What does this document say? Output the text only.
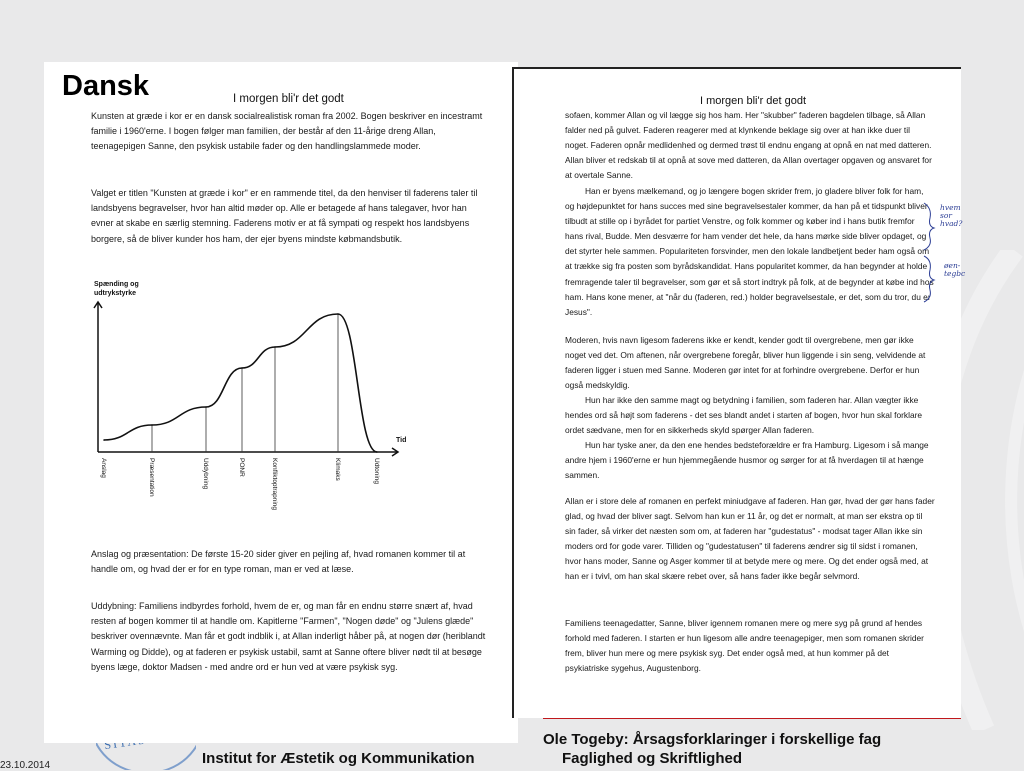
23.10.2014	Institut for Æstetik og Kommunikation
Ole Togeby: Årsagsforklaringer i forskellige fag
Faglighed og Skriftlighed
Dansk	I morgen bli'r det godt
Kunsten at græde i kor er en dansk socialrealistisk roman fra 2002. Bogen beskriver en incestramt familie i 1960'erne. I bogen følger man familien, der består af den 11-årige dreng Allan, teenagepigen Sanne, den psykisk ustabile fader og den handlingslammede moder.
Valget er titlen "Kunsten at græde i kor" er en rammende titel, da den henviser til faderens taler til landsbyens begravelser, hvor han altid møder op. Alle er betagede af hans talegaver, hvor han evner at skabe en særlig stemning. Faderens motiv er at få sympati og respekt hos landsbyens borgere, så de bliver kunder hos ham, der ejer byens mindste købmandsbutik.
Spænding og
udtrykstyrke
Tid
Anslag	Præsentation	Uddybning	PONR	Konfliktoptrapning	Klimaks	Udtoning
Anslag og præsentation: De første 15-20 sider giver en pejling af, hvad romanen kommer til at handle om, og hvad der er for en type roman, man er ved at læse.
Uddybning: Familiens indbyrdes forhold, hvem de er, og man får en endnu større snært af, hvad resten af bogen kommer til at handle om. Kapitlerne "Farmen", "Nogen døde" og "Julens glæde" beskriver ovennævnte. Man får et godt indblik i, at Allan inderligt håber på, at nogen dør (heriblandt Warming og Didde), og at faderen er psykisk ustabil, samt at Sanne oftere bliver nødt til at besøge byens læge, doktor Madsen - med andre ord er hun ved at være psykisk syg.
I morgen bli'r det godt
sofaen, kommer Allan og vil lægge sig hos ham. Her "skubber" faderen bagdelen tilbage, så Allan falder ned på gulvet. Faderen reagerer med at klynkende beklage sig over at han ikke duer til noget. Faderen opnår medlidenhed og dermed trøst til endnu engang at opnå en nat med datteren. Allan bliver et redskab til at opnå at sove med datteren, da Allan overtager opgaven og ansvaret for at overtale Sanne.
Han er byens mælkemand, og jo længere bogen skrider frem, jo gladere bliver folk for ham, og højdepunktet for hans succes med sine begravelsestaler kommer, da han på et tidspunkt bliver tilbudt at stille op i byrådet for partiet Venstre, og folk kommer og køber ind i hans butik fremfor hans rival, Budde. Men desværre for ham vender det hele, da hans mørke side bliver opdaget, og det styrter hele sammen. Populariteten forsvinder, men den lokale landbetjent beder ham også om at trække sig fra posten som byrådskandidat. Hans popularitet kommer, da han begynder at holde fremragende taler til begravelser, som gør et så stort indtryk på folk, at de begynder at købe ind hos ham. Hans kone mener, at "når du (faderen, red.) holder begravelsestale, er det, som du tror, du er Jesus".
Moderen, hvis navn ligesom faderens ikke er kendt, kender godt til overgrebene, men gør ikke noget ved det. Om aftenen, når overgrebene foregår, bliver hun liggende i sin seng, velvidende at faderen ligger i stuen med Sanne. Moderen gør intet for at forhindre overgrebene. Derfor er hun også medskyldig.
Hun har ikke den samme magt og betydning i familien, som faderen har. Allan vægter ikke hendes ord så højt som faderens - det ses blandt andet i starten af bogen, hvor hun skal forklare ordet sædvane, men for en sikkerheds skyld spørger Allan faderen.
Hun har tyske aner, da den ene hendes bedsteforældre er fra Hamburg. Ligesom i så mange andre hjem i 1960'erne er hun hjemmegående husmor og sørger for at få hverdagen til at hænge sammen.
Allan er i store dele af romanen en perfekt miniudgave af faderen. Han gør, hvad der gør hans fader glad, og hvad der bliver sagt. Selvom han kun er 11 år, og det er normalt, at man ser ekstra op til sin fader, så virker det næsten som om, at faderen har "gudestatus" - modsat tager Allan ikke sin moders ord for gode varer. Tilliden og "gudestatusen" til faderens ændrer sig til sidst i romanen, hvor hans moder, Sanne og Asger kommer til at betyde mere og mere. Og det ender også med, at han er i tvivl, om han skal skære rebet over, så hans fader ikke begår selvmord.
Familiens teenagedatter, Sanne, bliver igennem romanen mere og mere syg på grund af hendes forhold med faderen. I starten er hun ligesom alle andre teenagepiger, men som romanen skrider frem, bliver hun mere og mere psykisk syg. Det ender også med, at hun kommer på det psykiatriske sygehus, Augustenborg.
hvem sor hvad?
øen- tegbc
